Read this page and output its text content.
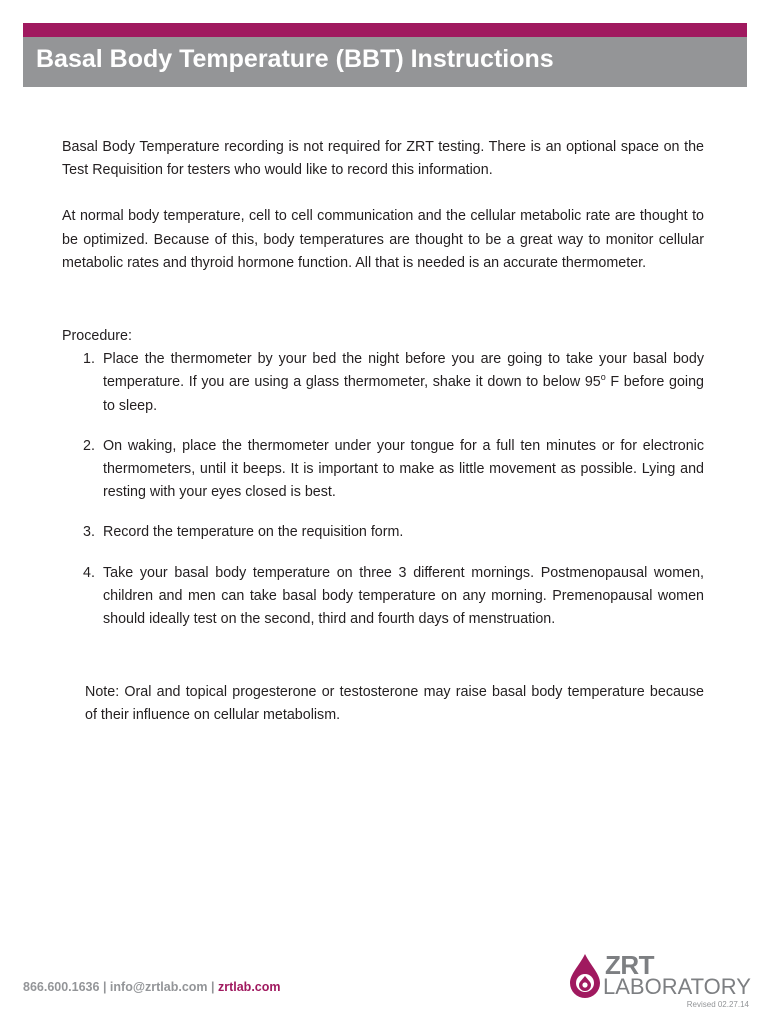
Basal Body Temperature (BBT) Instructions

Basal Body Temperature recording is not required for ZRT testing. There is an optional space on the Test Requisition for testers who would like to record this information.

At normal body temperature, cell to cell communication and the cellular metabolic rate are thought to be optimized. Because of this, body temperatures are thought to be a great way to monitor cellular metabolic rates and thyroid hormone function. All that is needed is an accurate thermometer.

Procedure:

1. Place the thermometer by your bed the night before you are going to take your basal body temperature. If you are using a glass thermometer, shake it down to below 95$^o$ F before going to sleep.
2. On waking, place the thermometer under your tongue for a full ten minutes or for electronic thermometers, until it beeps. It is important to make as little movement as possible. Lying and resting with your eyes closed is best.
3. Record the temperature on the requisition form.
4. Take your basal body temperature on three 3 different mornings. Postmenopausal women, children and men can take basal body temperature on any morning. Premenopausal women should ideally test on the second, third and fourth days of menstruation.

Note: Oral and topical progesterone or testosterone may raise basal body temperature because of their influence on cellular metabolism.

866.600.1636 | info@zrtlab.com | zrtlab.com
ZRT
LABORATORY
Revised 02.27.14
